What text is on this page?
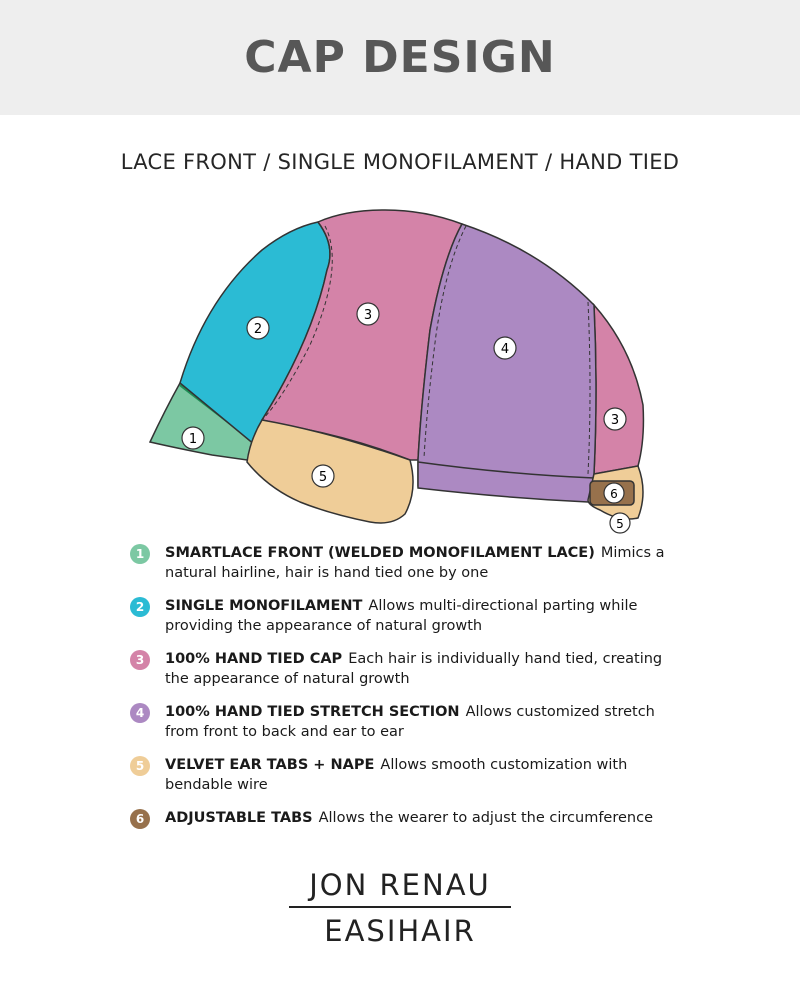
CAP DESIGN
LACE FRONT / SINGLE MONOFILAMENT / HAND TIED
1
2
3
4
3
5
6
5
1	SMARTLACE FRONT (WELDED MONOFILAMENT LACE) Mimics a natural hairline, hair is hand tied one by one
2	SINGLE MONOFILAMENT Allows multi-directional parting while providing the appearance of natural growth
3	100% HAND TIED CAP Each hair is individually hand tied, creating the appearance of natural growth
4	100% HAND TIED STRETCH SECTION Allows customized stretch from front to back and ear to ear
5	VELVET EAR TABS + NAPE Allows smooth customization with bendable wire
6	ADJUSTABLE TABS Allows the wearer to adjust the circumference
JON RENAU
EASIHAIR
